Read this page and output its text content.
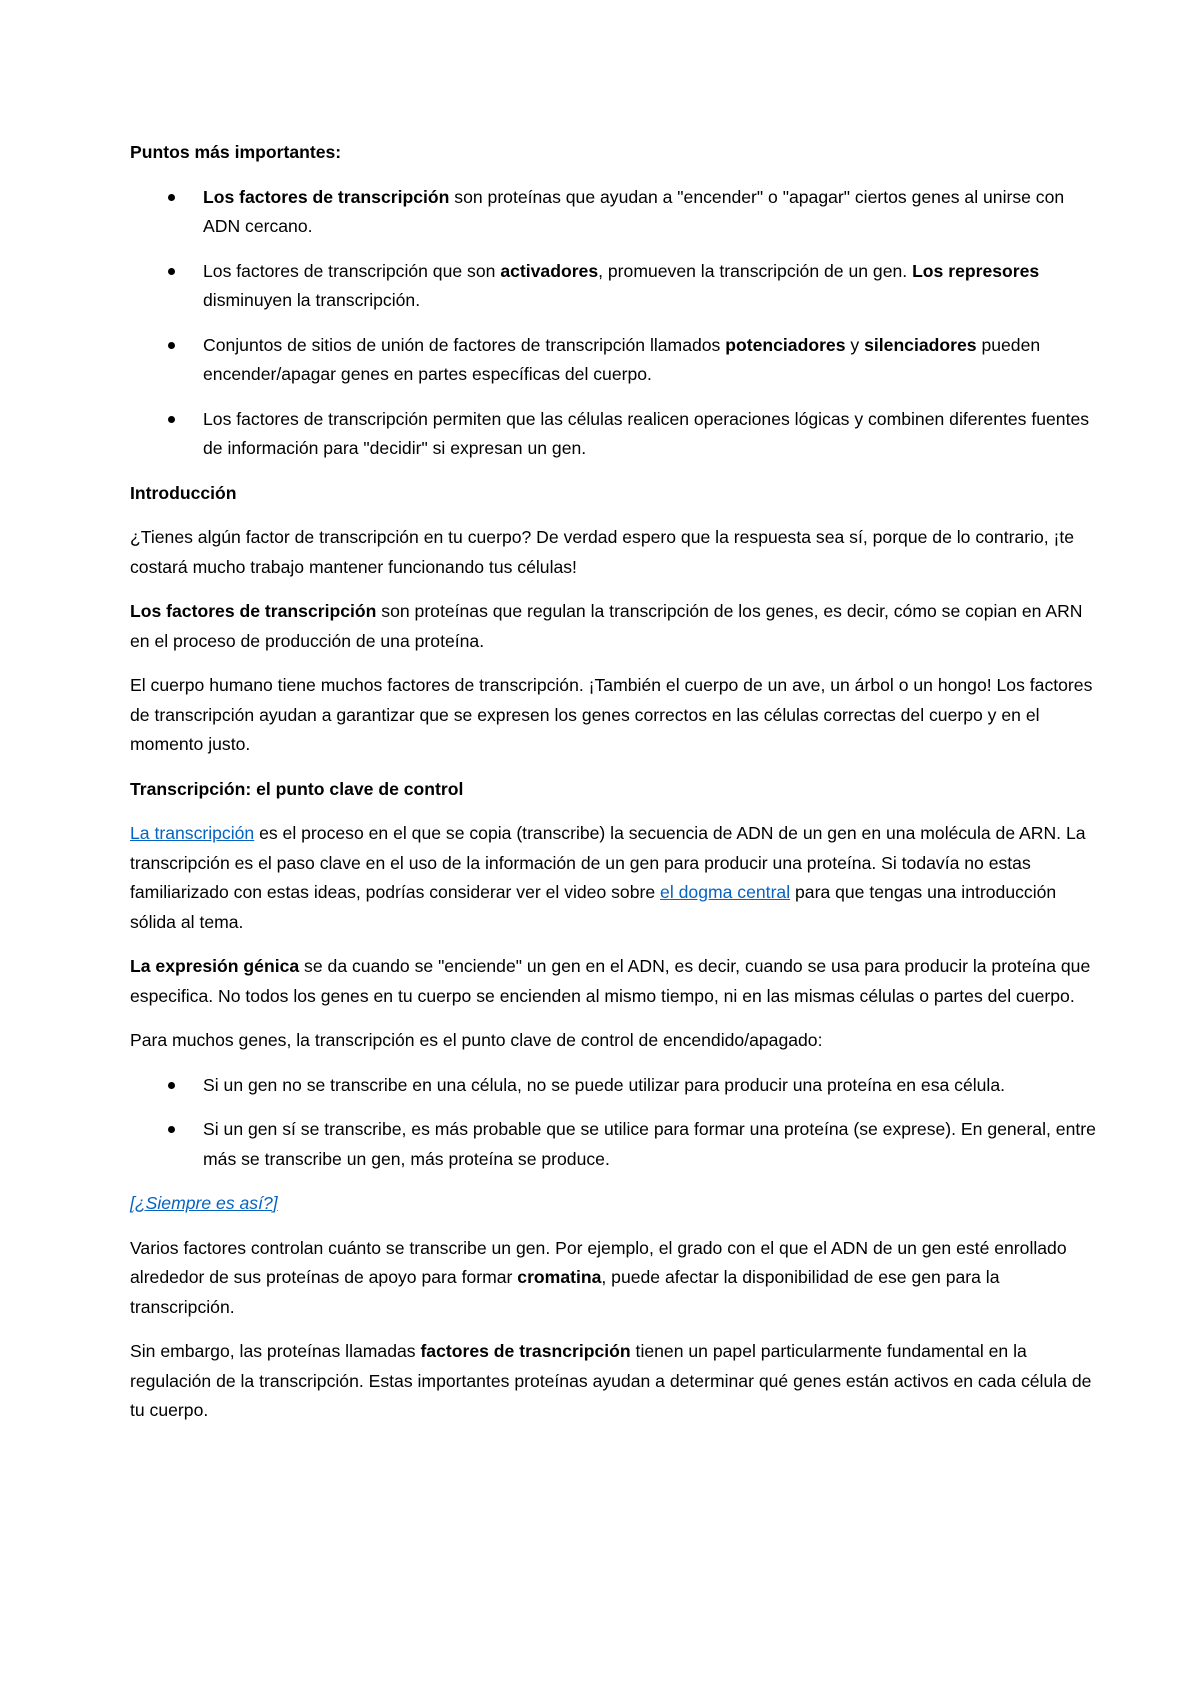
Puntos más importantes:
Los factores de transcripción son proteínas que ayudan a "encender" o "apagar" ciertos genes al unirse con ADN cercano.
Los factores de transcripción que son activadores, promueven la transcripción de un gen. Los represores disminuyen la transcripción.
Conjuntos de sitios de unión de factores de transcripción llamados potenciadores y silenciadores pueden encender/apagar genes en partes específicas del cuerpo.
Los factores de transcripción permiten que las células realicen operaciones lógicas y combinen diferentes fuentes de información para "decidir" si expresan un gen.
Introducción

¿Tienes algún factor de transcripción en tu cuerpo? De verdad espero que la respuesta sea sí, porque de lo contrario, ¡te costará mucho trabajo mantener funcionando tus células!

Los factores de transcripción son proteínas que regulan la transcripción de los genes, es decir, cómo se copian en ARN en el proceso de producción de una proteína.

El cuerpo humano tiene muchos factores de transcripción. ¡También el cuerpo de un ave, un árbol o un hongo! Los factores de transcripción ayudan a garantizar que se expresen los genes correctos en las células correctas del cuerpo y en el momento justo.

Transcripción: el punto clave de control

La transcripción es el proceso en el que se copia (transcribe) la secuencia de ADN de un gen en una molécula de ARN. La transcripción es el paso clave en el uso de la información de un gen para producir una proteína. Si todavía no estas familiarizado con estas ideas, podrías considerar ver el video sobre el dogma central para que tengas una introducción sólida al tema.

La expresión génica se da cuando se "enciende" un gen en el ADN, es decir, cuando se usa para producir la proteína que especifica. No todos los genes en tu cuerpo se encienden al mismo tiempo, ni en las mismas células o partes del cuerpo.

Para muchos genes, la transcripción es el punto clave de control de encendido/apagado:

Si un gen no se transcribe en una célula, no se puede utilizar para producir una proteína en esa célula.
Si un gen sí se transcribe, es más probable que se utilice para formar una proteína (se exprese). En general, entre más se transcribe un gen, más proteína se produce.

[¿Siempre es así?]

Varios factores controlan cuánto se transcribe un gen. Por ejemplo, el grado con el que el ADN de un gen esté enrollado alrededor de sus proteínas de apoyo para formar cromatina, puede afectar la disponibilidad de ese gen para la transcripción.

Sin embargo, las proteínas llamadas factores de trasncripción tienen un papel particularmente fundamental en la regulación de la transcripción. Estas importantes proteínas ayudan a determinar qué genes están activos en cada célula de tu cuerpo.
